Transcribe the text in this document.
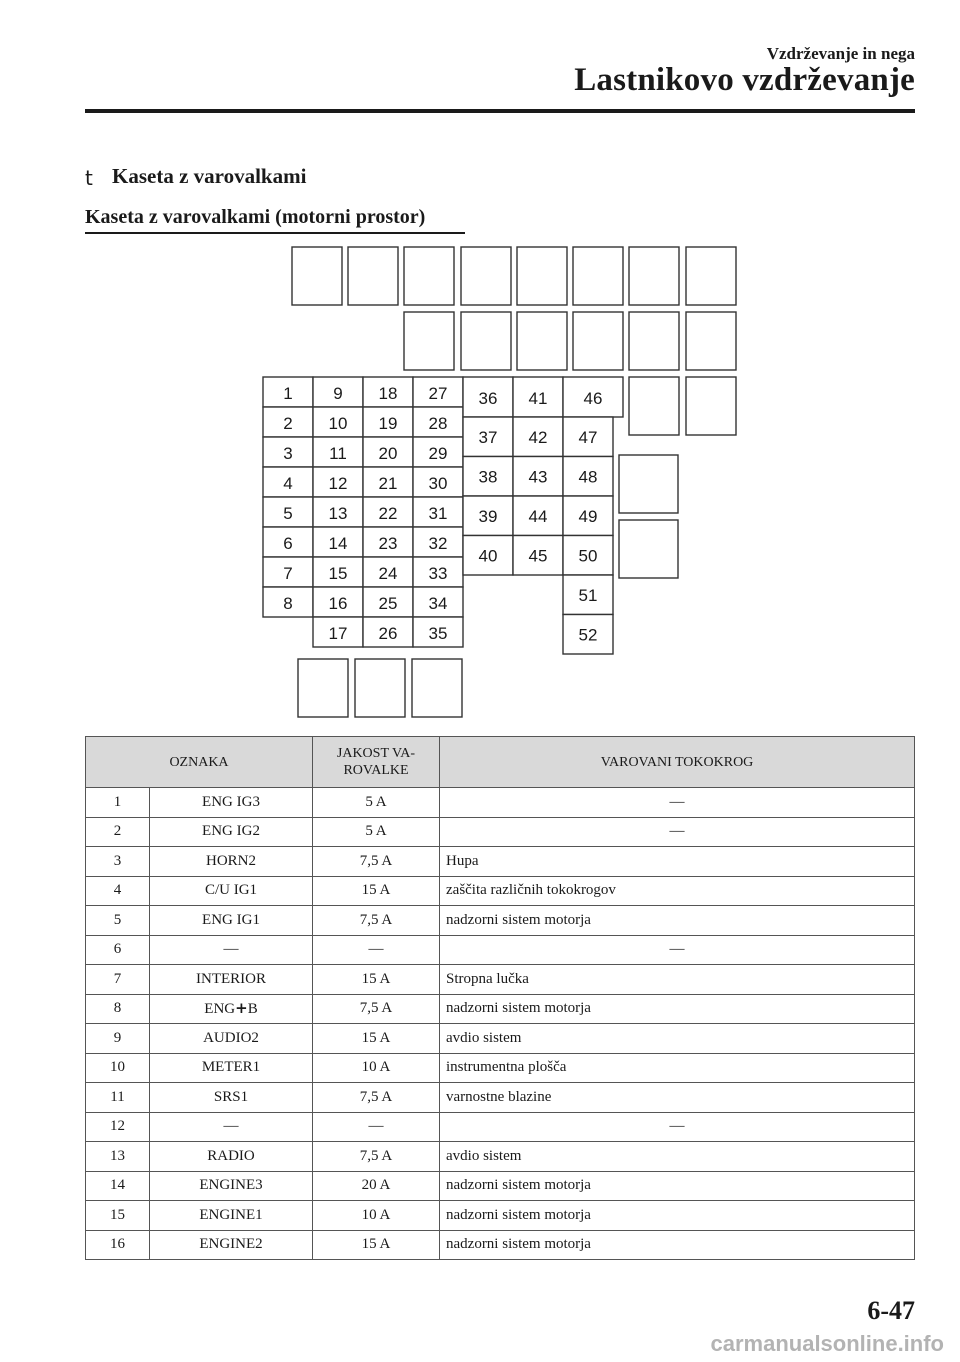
Vzdrževanje in nega
Lastnikovo vzdrževanje
t Kaseta z varovalkami
Kaseta z varovalkami (motorni prostor)
1
2
3
4
5
6
7
8
9
10
11
12
13
14
15
16
17
18
19
20
21
22
23
24
25
26
27
28
29
30
31
32
33
34
35
36
37
38
39
40
41
42
43
44
45
46
47
48
49
50
51
52
OZNAKA		JAKOST VA-
ROVALKE	VAROVANI TOKOKROG
1	ENG IG3	5 A	—
2	ENG IG2	5 A	—
3	HORN2	7,5 A	Hupa
4	C/U IG1	15 A	zaščita različnih tokokrogov
5	ENG IG1	7,5 A	nadzorni sistem motorja
6	—	—	—
7	INTERIOR	15 A	Stropna lučka
8	ENG+B	7,5 A	nadzorni sistem motorja
9	AUDIO2	15 A	avdio sistem
10	METER1	10 A	instrumentna plošča
11	SRS1	7,5 A	varnostne blazine
12	—	—	—
13	RADIO	7,5 A	avdio sistem
14	ENGINE3	20 A	nadzorni sistem motorja
15	ENGINE1	10 A	nadzorni sistem motorja
16	ENGINE2	15 A	nadzorni sistem motorja
6-47
carmanualsonline.info
